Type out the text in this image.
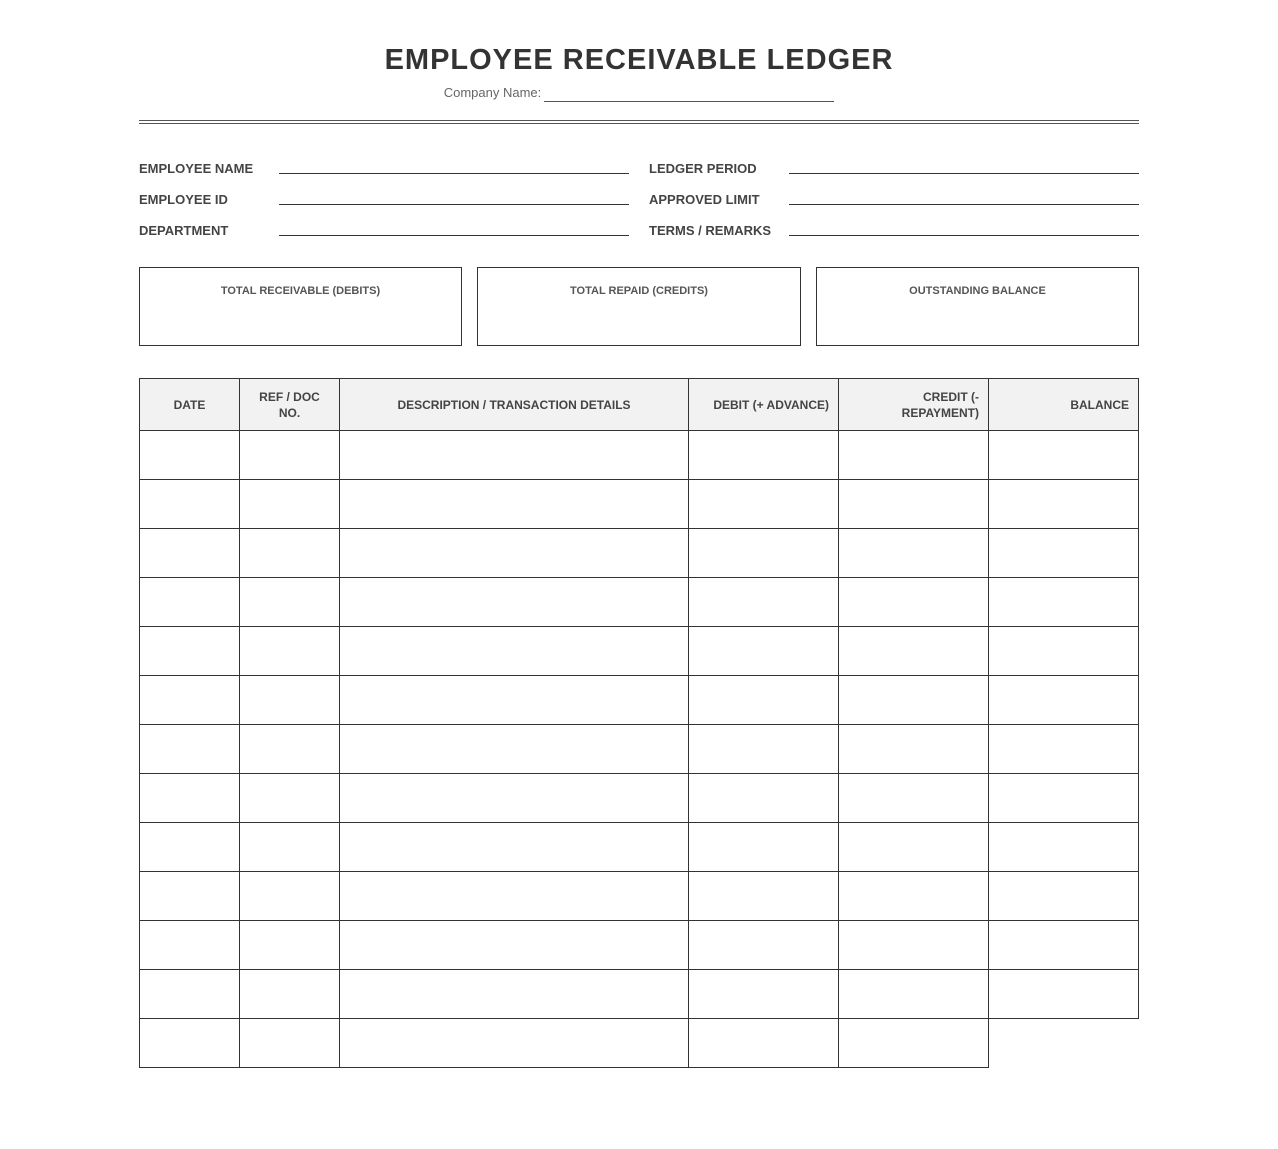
EMPLOYEE RECEIVABLE LEDGER
Company Name:
EMPLOYEE NAME
EMPLOYEE ID
DEPARTMENT
LEDGER PERIOD
APPROVED LIMIT
TERMS / REMARKS
TOTAL RECEIVABLE (DEBITS)	TOTAL REPAID (CREDITS)	OUTSTANDING BALANCE
DATE	REF / DOC NO.	DESCRIPTION / TRANSACTION DETAILS	DEBIT (+ ADVANCE)	CREDIT (- REPAYMENT)	BALANCE
